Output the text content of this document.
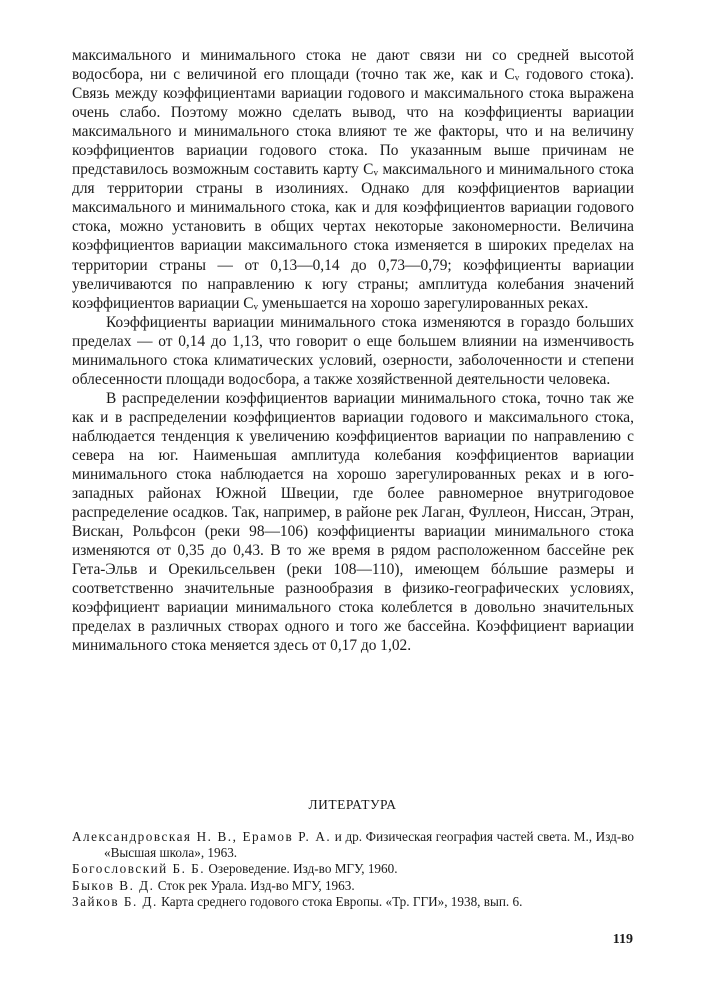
максимального и минимального стока не дают связи ни со средней высотой водосбора, ни с величиной его площади (точно так же, как и Cᵥ годового стока). Связь между коэффициентами вариации годового и максимального стока выражена очень слабо. Поэтому можно сделать вывод, что на коэффициенты вариации максимального и минимального стока влияют те же факторы, что и на величину коэффициентов вариации годового стока. По указанным выше причинам не представилось возможным составить карту Cᵥ максимального и минимального стока для территории страны в изолиниях. Однако для коэффициентов вариации максимального и минимального стока, как и для коэффициентов вариации годового стока, можно установить в общих чертах некоторые закономерности. Величина коэффициентов вариации максимального стока изменяется в широких пределах на территории страны — от 0,13—0,14 до 0,73—0,79; коэффициенты вариации увеличиваются по направлению к югу страны; амплитуда колебания значений коэффициентов вариации Cᵥ уменьшается на хорошо зарегулированных реках.

Коэффициенты вариации минимального стока изменяются в гораздо больших пределах — от 0,14 до 1,13, что говорит о еще большем влиянии на изменчивость минимального стока климатических условий, озерности, заболоченности и степени облесенности площади водосбора, а также хозяйственной деятельности человека.

В распределении коэффициентов вариации минимального стока, точно так же как и в распределении коэффициентов вариации годового и максимального стока, наблюдается тенденция к увеличению коэффициентов вариации по направлению с севера на юг. Наименьшая амплитуда колебания коэффициентов вариации минимального стока наблюдается на хорошо зарегулированных реках и в юго-западных районах Южной Швеции, где более равномерное внутригодовое распределение осадков. Так, например, в районе рек Лаган, Фуллеон, Ниссан, Этран, Вискан, Рольфсон (реки 98—106) коэффициенты вариации минимального стока изменяются от 0,35 до 0,43. В то же время в рядом расположенном бассейне рек Гета-Эльв и Орекильсельвен (реки 108—110), имеющем бóльшие размеры и соответственно значительные разнообразия в физико-географических условиях, коэффициент вариации минимального стока колеблется в довольно значительных пределах в различных створах одного и того же бассейна. Коэффициент вариации минимального стока меняется здесь от 0,17 до 1,02.

ЛИТЕРАТУРА
Александровская Н. В., Ерамов Р. А. и др. Физическая география частей света. М., Изд-во «Высшая школа», 1963.
Богословский Б. Б. Озероведение. Изд-во МГУ, 1960.
Быков В. Д. Сток рек Урала. Изд-во МГУ, 1963.
Зайков Б. Д. Карта среднего годового стока Европы. «Тр. ГГИ», 1938, вып. 6.
119
